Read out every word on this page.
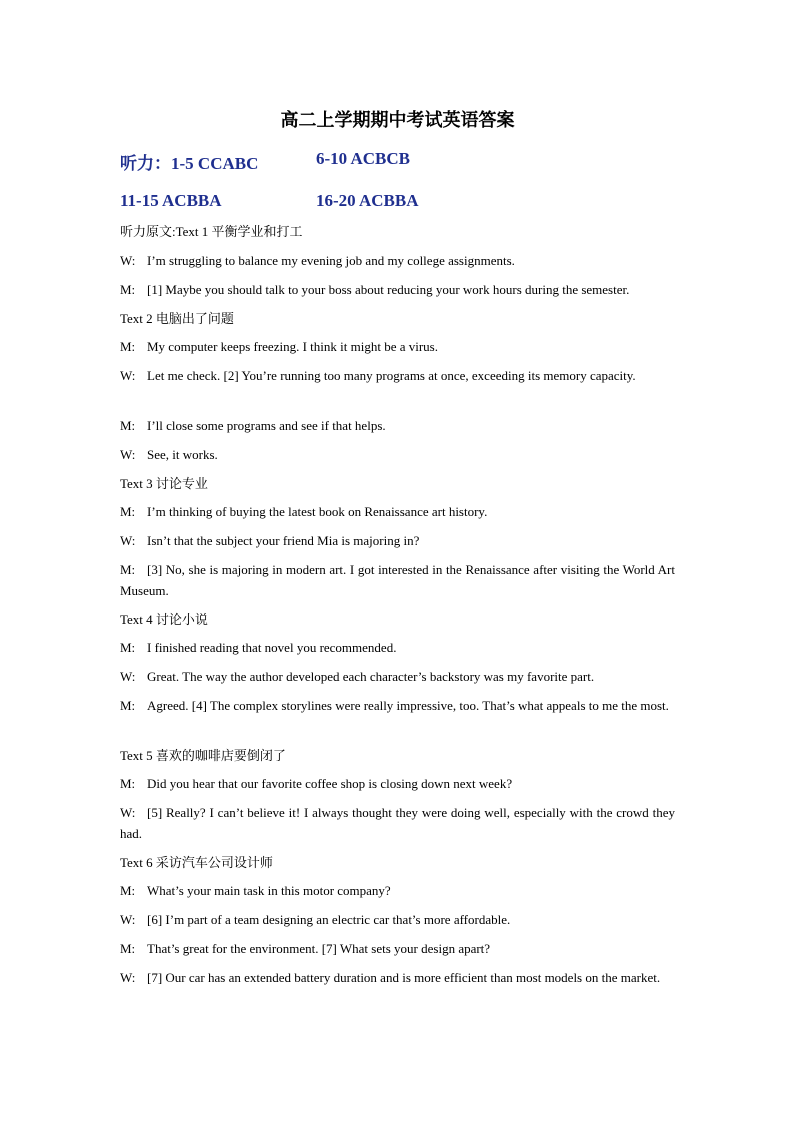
高二上学期期中考试英语答案
听力：1-5 CCABC	6-10 ACBCB
11-15 ACBBA	16-20 ACBBA
听力原文:Text 1 平衡学业和打工
W: I’m struggling to balance my evening job and my college assignments.
M: [1] Maybe you should talk to your boss about reducing your work hours during the semester.
Text 2 电脑出了问题
M: My computer keeps freezing. I think it might be a virus.
W: Let me check. [2] You’re running too many programs at once, exceeding its memory capacity.
M: I’ll close some programs and see if that helps.
W: See, it works.
Text 3 讨论专业
M: I’m thinking of buying the latest book on Renaissance art history.
W: Isn’t that the subject your friend Mia is majoring in?
M: [3] No, she is majoring in modern art. I got interested in the Renaissance after visiting the World Art Museum.
Text 4 讨论小说
M: I finished reading that novel you recommended.
W: Great. The way the author developed each character’s backstory was my favorite part.
M: Agreed. [4] The complex storylines were really impressive, too. That’s what appeals to me the most.
Text 5 喜欢的咖啡店要倒闭了
M: Did you hear that our favorite coffee shop is closing down next week?
W: [5] Really? I can’t believe it! I always thought they were doing well, especially with the crowd they had.
Text 6 采访汽车公司设计师
M: What’s your main task in this motor company?
W: [6] I’m part of a team designing an electric car that’s more affordable.
M: That’s great for the environment. [7] What sets your design apart?
W: [7] Our car has an extended battery duration and is more efficient than most models on the market.
